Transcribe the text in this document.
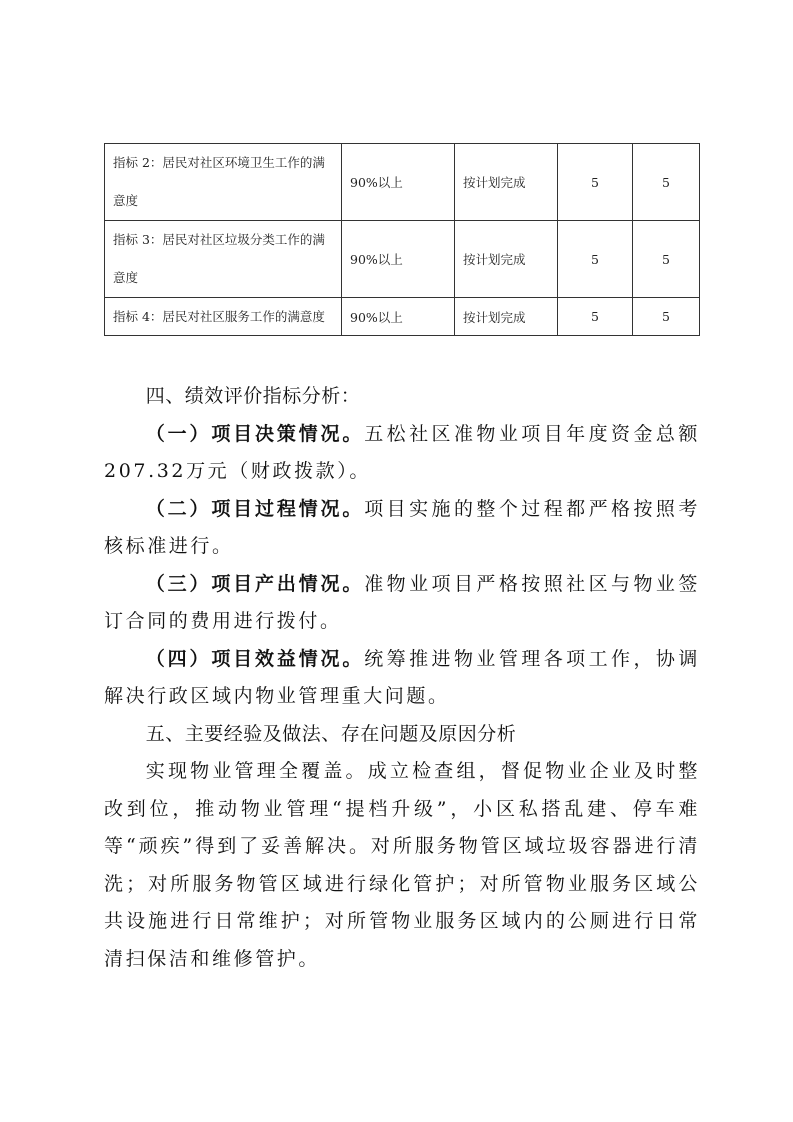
指标 2：居民对社区环境卫生工作的满
意度	90%以上	按计划完成	5	5
指标 3：居民对社区垃圾分类工作的满
意度	90%以上	按计划完成	5	5
指标 4：居民对社区服务工作的满意度	90%以上	按计划完成	5	5
四、绩效评价指标分析：

（一）项目决策情况。五松社区准物业项目年度资金总额207.32万元（财政拨款）。

（二）项目过程情况。项目实施的整个过程都严格按照考核标准进行。

（三）项目产出情况。准物业项目严格按照社区与物业签订合同的费用进行拨付。

（四）项目效益情况。统筹推进物业管理各项工作，协调解决行政区域内物业管理重大问题。

五、主要经验及做法、存在问题及原因分析

实现物业管理全覆盖。成立检查组，督促物业企业及时整改到位，推动物业管理“提档升级”，小区私搭乱建、停车难等“顽疾”得到了妥善解决。对所服务物管区域垃圾容器进行清洗；对所服务物管区域进行绿化管护；对所管物业服务区域公共设施进行日常维护；对所管物业服务区域内的公厕进行日常清扫保洁和维修管护。
